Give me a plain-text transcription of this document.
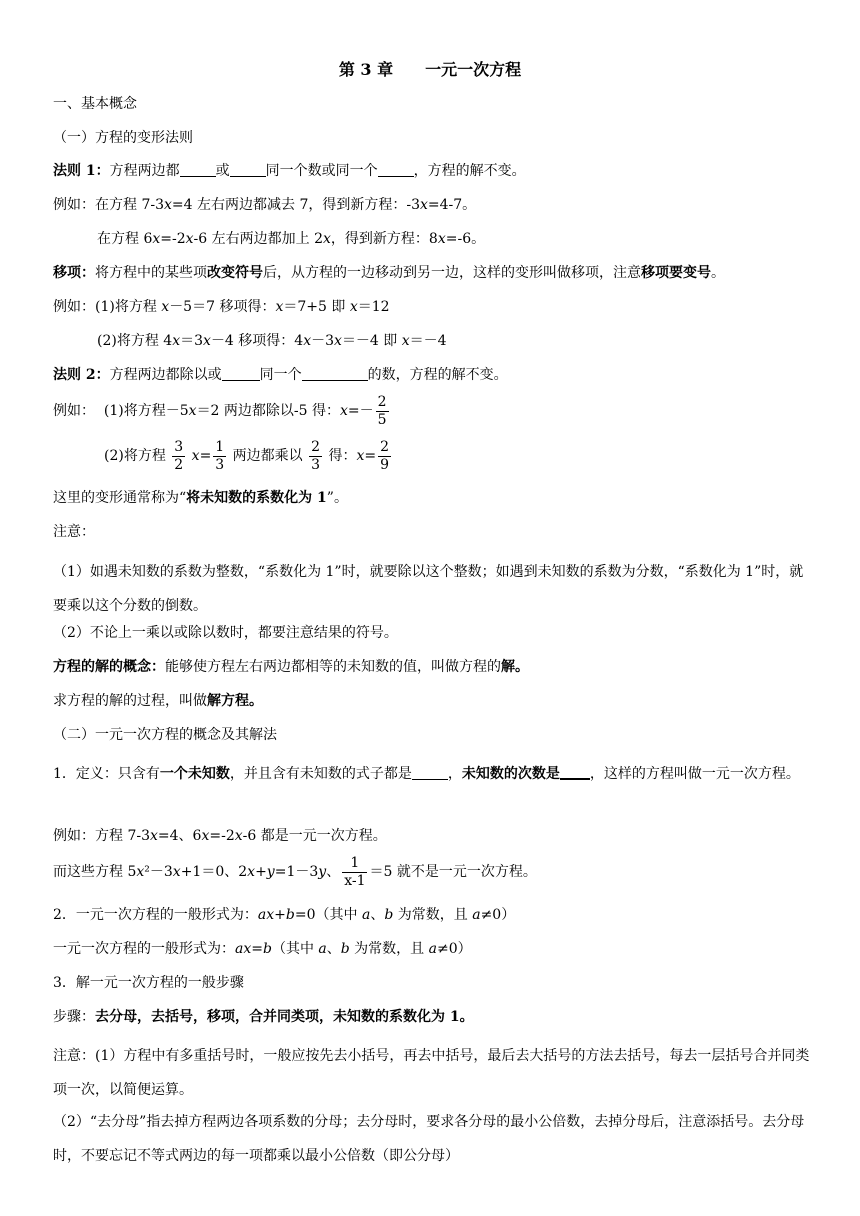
第 3 章　　一元一次方程
一、基本概念
（一）方程的变形法则
法则 1：方程两边都	或	同一个数或同一个	，方程的解不变。
例如：在方程 7-3x=4 左右两边都减去 7，得到新方程：-3x=4-7。
在方程 6x=-2x-6 左右两边都加上 2x，得到新方程：8x=-6。
移项：将方程中的某些项改变符号后，从方程的一边移动到另一边，这样的变形叫做移项，注意移项要变号。
例如：(1)将方程 x－5＝7 移项得：x＝7+5 即 x＝12
(2)将方程 4x＝3x－4 移项得：4x－3x＝－4 即 x＝－4
法则 2：方程两边都除以或	同一个	的数，方程的解不变。
例如： (1)将方程－5x＝2 两边都除以-5 得：$x=- \frac{2}{5}$
(2)将方程 $\frac{3}{2} x= \frac{1}{3}$ 两边都乘以 $\frac{2}{3}$ 得：$x= \frac{2}{9}$
这里的变形通常称为“将未知数的系数化为 1”。
注意：
（1）如遇未知数的系数为整数，“系数化为 1”时，就要除以这个整数；如遇到未知数的系数为分数，“系数化为 1”时，就要乘以这个分数的倒数。
（2）不论上一乘以或除以数时，都要注意结果的符号。
方程的解的概念：能够使方程左右两边都相等的未知数的值，叫做方程的解。
求方程的解的过程，叫做解方程。
（二）一元一次方程的概念及其解法
1．定义：只含有一个未知数，并且含有未知数的式子都是	，未知数的次数是 ，这样的方程叫做一元一次方程。
例如：方程 7-3x=4、6x=-2x-6 都是一元一次方程。
而这些方程 5x²－3x+1＝0、2x+y=1－3y、 $\frac{1}{x-1} =5$ 就不是一元一次方程。
2．一元一次方程的一般形式为：ax+b=0（其中 a、b 为常数，且 a≠0）
一元一次方程的一般形式为：ax=b（其中 a、b 为常数，且 a≠0）
3．解一元一次方程的一般步骤
步骤：去分母，去括号，移项，合并同类项，未知数的系数化为 1。
注意：(1）方程中有多重括号时，一般应按先去小括号，再去中括号，最后去大括号的方法去括号，每去一层括号合并同类项一次，以简便运算。
（2）“去分母”指去掉方程两边各项系数的分母；去分母时，要求各分母的最小公倍数，去掉分母后，注意添括号。去分母时，不要忘记不等式两边的每一项都乘以最小公倍数（即公分母）
